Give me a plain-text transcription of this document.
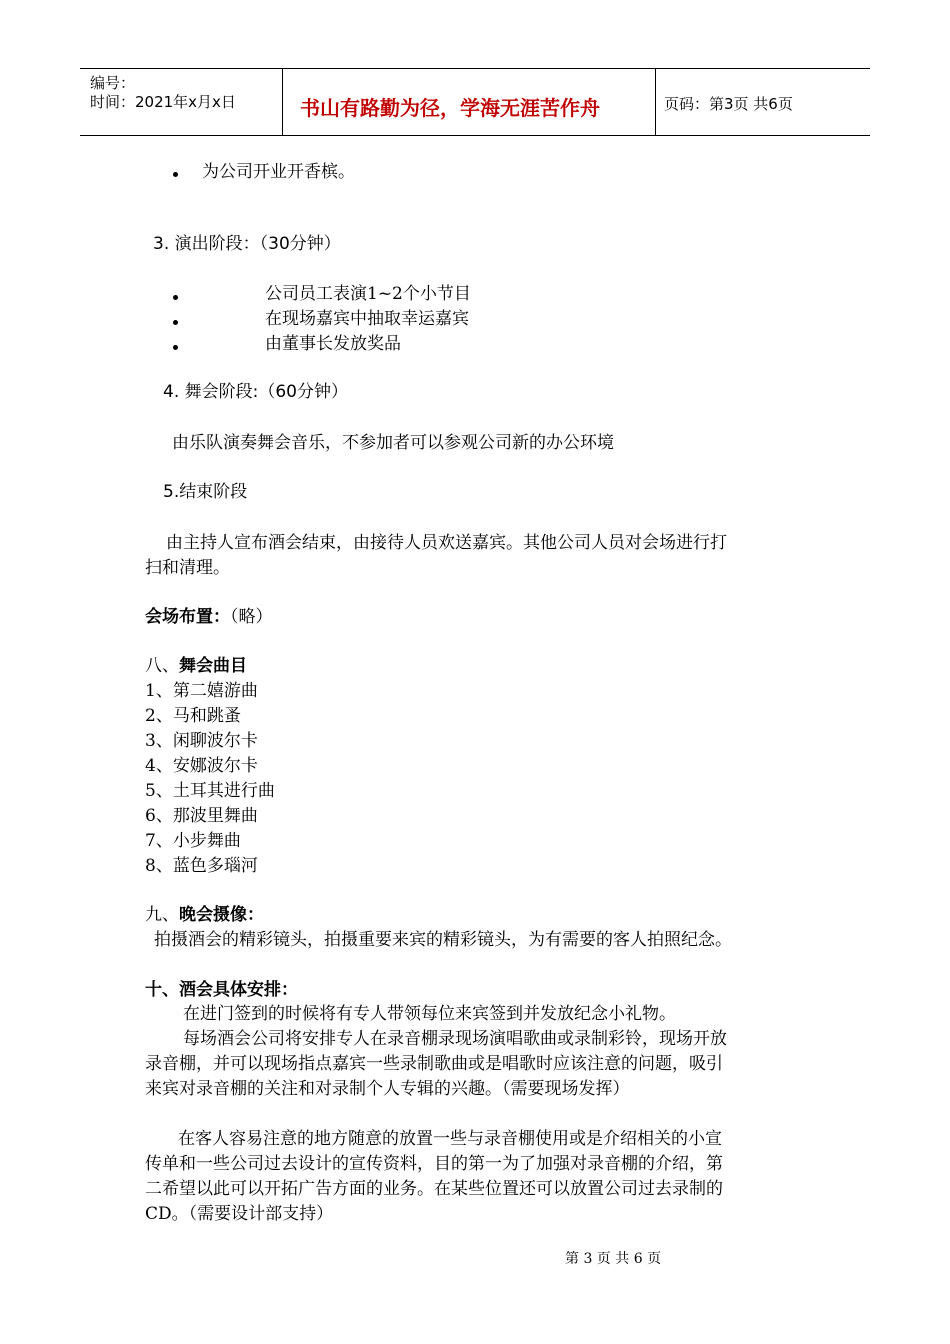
编号：
时间：2021年x月x日	书山有路勤为径，学海无涯苦作舟	页码：第3页 共6页
为公司开业开香槟。
3. 演出阶段：（30分钟）
公司员工表演1~2个小节目
在现场嘉宾中抽取幸运嘉宾
由董事长发放奖品
4. 舞会阶段:（60分钟）
由乐队演奏舞会音乐，不参加者可以参观公司新的办公环境
5.结束阶段
由主持人宣布酒会结束，由接待人员欢送嘉宾。其他公司人员对会场进行打
扫和清理。
会场布置：（略）
八、舞会曲目
1、第二嬉游曲
2、马和跳蚤
3、闲聊波尔卡
4、安娜波尔卡
5、土耳其进行曲
6、那波里舞曲
7、小步舞曲
8、蓝色多瑙河
九、晚会摄像：
拍摄酒会的精彩镜头，拍摄重要来宾的精彩镜头，为有需要的客人拍照纪念。
十、酒会具体安排：
在进门签到的时候将有专人带领每位来宾签到并发放纪念小礼物。
每场酒会公司将安排专人在录音棚录现场演唱歌曲或录制彩铃，现场开放
录音棚，并可以现场指点嘉宾一些录制歌曲或是唱歌时应该注意的问题，吸引
来宾对录音棚的关注和对录制个人专辑的兴趣。（需要现场发挥）
在客人容易注意的地方随意的放置一些与录音棚使用或是介绍相关的小宣
传单和一些公司过去设计的宣传资料，目的第一为了加强对录音棚的介绍，第
二希望以此可以开拓广告方面的业务。在某些位置还可以放置公司过去录制的
CD。（需要设计部支持）
第 3 页 共 6 页
